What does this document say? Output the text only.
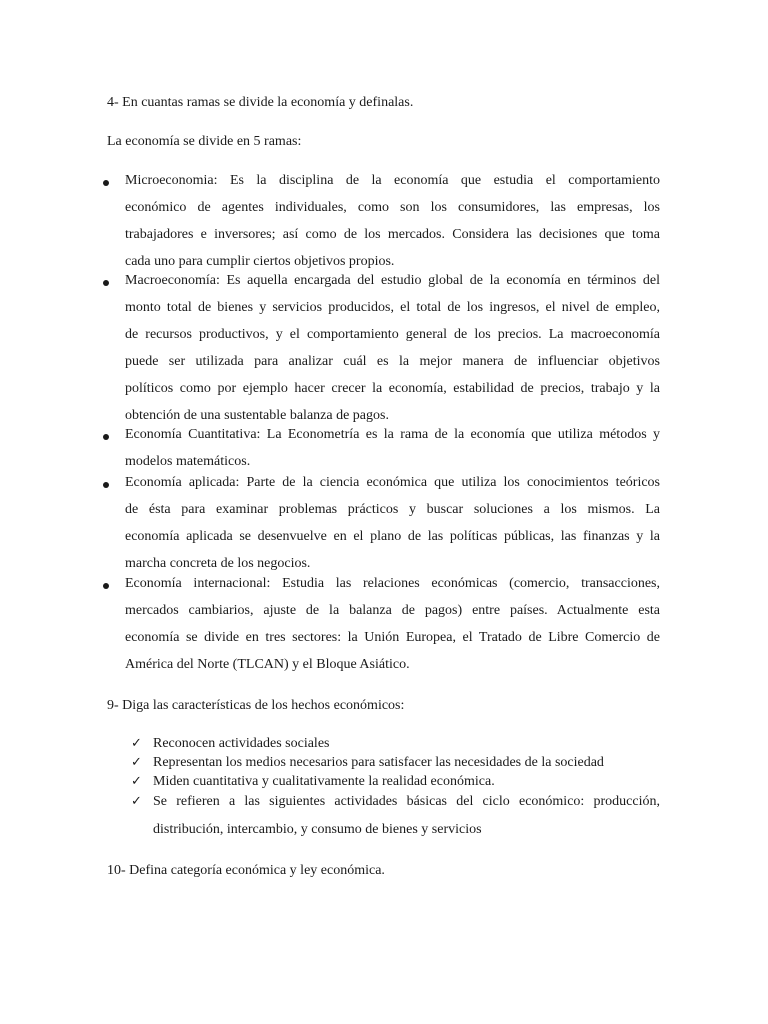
4- En cuantas ramas se divide la economía y definalas.
La economía se divide en 5 ramas:
Microeconomia: Es la disciplina de la economía que estudia el comportamiento
económico de agentes individuales, como son los consumidores, las empresas, los
trabajadores e inversores; así como de los mercados. Considera las decisiones que toma
cada uno para cumplir ciertos objetivos propios.
Macroeconomía: Es aquella encargada del estudio global de la economía en términos del
monto total de bienes y servicios producidos, el total de los ingresos, el nivel de empleo,
de recursos productivos, y el comportamiento general de los precios. La macroeconomía
puede ser utilizada para analizar cuál es la mejor manera de influenciar objetivos
políticos como por ejemplo hacer crecer la economía, estabilidad de precios, trabajo y la
obtención de una sustentable balanza de pagos.
Economía Cuantitativa: La Econometría es la rama de la economía que utiliza métodos y
modelos matemáticos.
Economía aplicada: Parte de la ciencia económica que utiliza los conocimientos teóricos
de ésta para examinar problemas prácticos y buscar soluciones a los mismos. La
economía aplicada se desenvuelve en el plano de las políticas públicas, las finanzas y la
marcha concreta de los negocios.
Economía internacional: Estudia las relaciones económicas (comercio, transacciones,
mercados cambiarios, ajuste de la balanza de pagos) entre países. Actualmente esta
economía se divide en tres sectores: la Unión Europea, el Tratado de Libre Comercio de
América del Norte (TLCAN) y el Bloque Asiático.
9- Diga las características de los hechos económicos:
✓ Reconocen actividades sociales
✓ Representan los medios necesarios para satisfacer las necesidades de la sociedad
✓ Miden cuantitativa y cualitativamente la realidad económica.
✓ Se refieren a las siguientes actividades básicas del ciclo económico: producción,
distribución, intercambio, y consumo de bienes y servicios
10- Defina categoría económica y ley económica.
